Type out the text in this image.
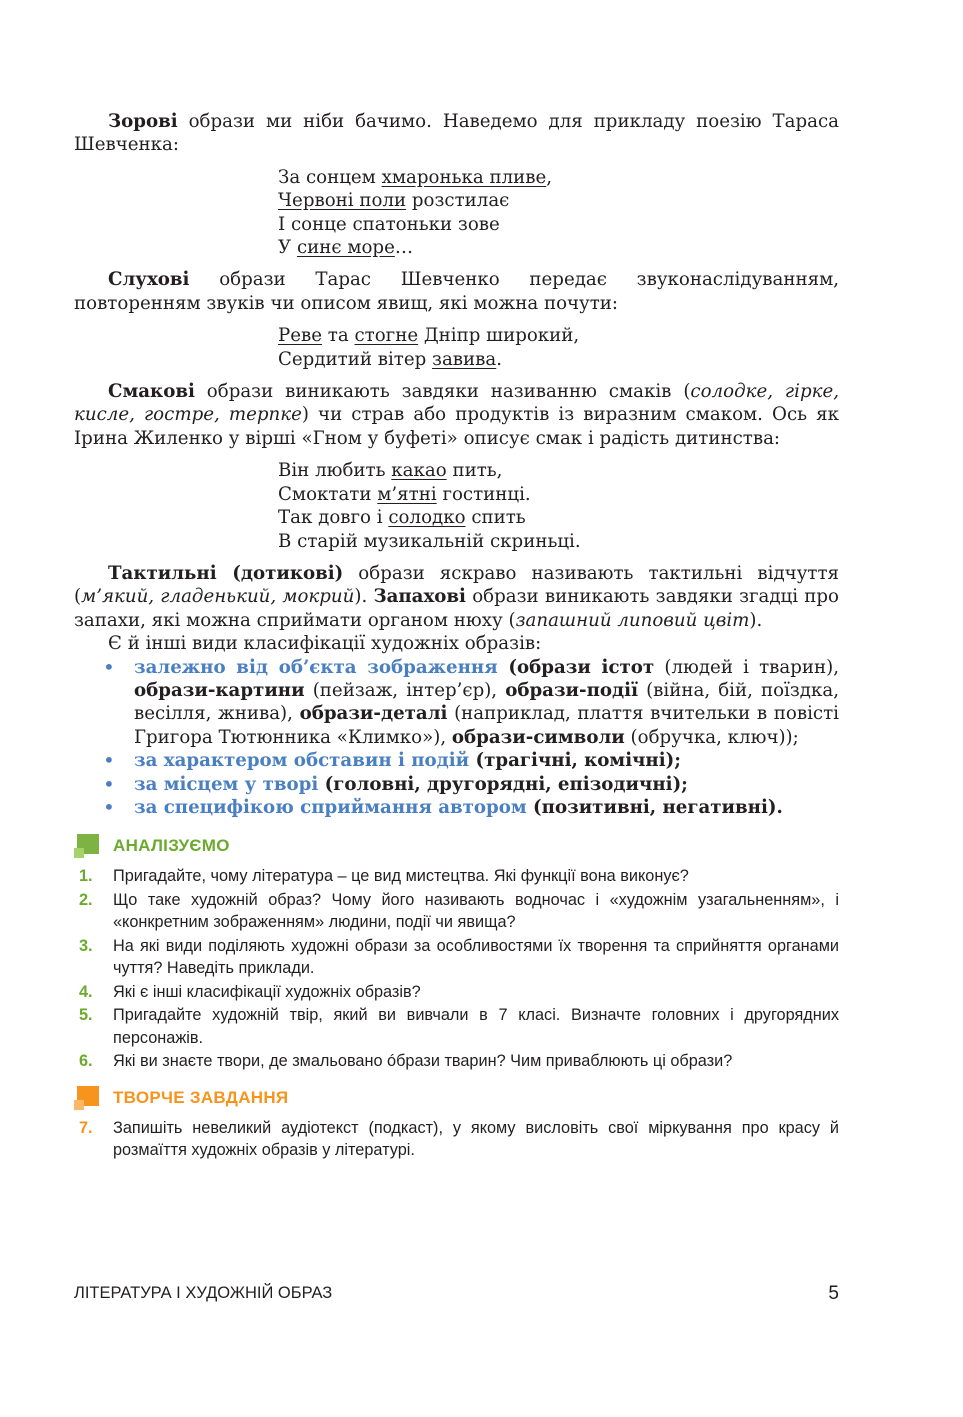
Зорові образи ми ніби бачимо. Наведемо для прикладу поезію Тараса Шевченка:

За сонцем хмаронька пливе,
Червоні поли розстилає
І сонце спатоньки зове
У синє море…

Слухові образи Тарас Шевченко передає звуконаслідуванням, повторенням звуків чи описом явищ, які можна почути:

Реве та стогне Дніпр широкий,
Сердитий вітер завива.

Смакові образи виникають завдяки називанню смаків (солодке, гірке, кисле, гостре, терпке) чи страв або продуктів із виразним смаком. Ось як Ірина Жиленко у вірші «Гном у буфеті» описує смак і радість дитинства:

Він любить какао пить,
Смоктати м’ятні гостинці.
Так довго і солодко спить
В старій музикальній скриньці.

Тактильні (дотикові) образи яскраво називають тактильні відчуття (м’який, гладенький, мокрий). Запахові образи виникають завдяки згадці про запахи, які можна сприймати органом нюху (запашний липовий цвіт).

Є й інші види класифікації художніх образів:

• залежно від об’єкта зображення (образи істот (людей і тварин), образи-картини (пейзаж, інтер’єр), образи-події (війна, бій, поїздка, весілля, жнива), образи-деталі (наприклад, плаття вчительки в повісті Григора Тютюнника «Климко»), образи-символи (обручка, ключ));
• за характером обставин і подій (трагічні, комічні);
• за місцем у творі (головні, другорядні, епізодичні);
• за специфікою сприймання автором (позитивні, негативні).
АНАЛІЗУЄМО
1. Пригадайте, чому література – це вид мистецтва. Які функції вона виконує?
2. Що таке художній образ? Чому його називають водночас і «художнім узагальненням», і «конкретним зображенням» людини, події чи явища?
3. На які види поділяють художні образи за особливостями їх творення та сприйняття органами чуття? Наведіть приклади.
4. Які є інші класифікації художніх образів?
5. Пригадайте художній твір, який ви вивчали в 7 класі. Визначте головних і другорядних персонажів.
6. Які ви знаєте твори, де змальовано óбрази тварин? Чим приваблюють ці образи?
ТВОРЧЕ ЗАВДАННЯ
7. Запишіть невеликий аудіотекст (подкаст), у якому висловіть свої міркування про красу й розмаїття художніх образів у літературі.
ЛІТЕРАТУРА І ХУДОЖНІЙ ОБРАЗ	5
